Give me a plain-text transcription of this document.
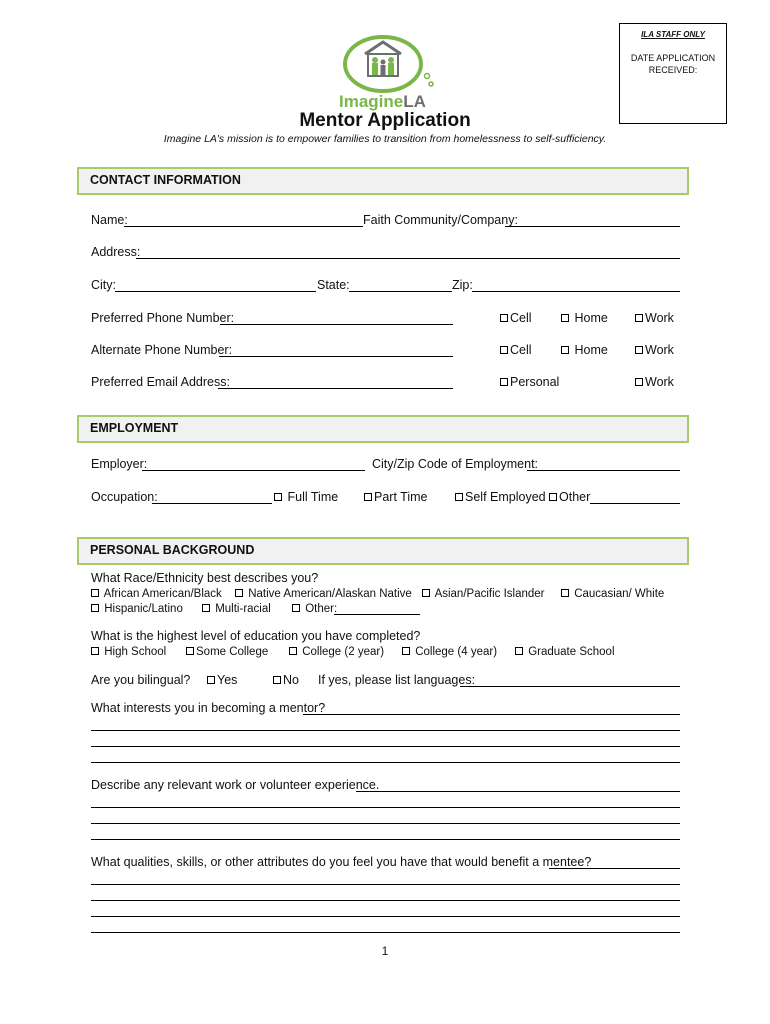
ILA STAFF ONLY
DATE APPLICATION
RECEIVED:
ImagineLA
Mentor Application
Imagine LA's mission is to empower families to transition from homelessness to self-sufficiency.
CONTACT INFORMATION
Name:	Faith Community/Company:
Address:
City:	State:	Zip:
Preferred Phone Number:	Cell	Home	Work
Alternate Phone Number:	Cell	Home	Work
Preferred Email Address:	Personal	Work
EMPLOYMENT
Employer:	City/Zip Code of Employment:
Occupation:	Full Time	Part Time	Self Employed	Other
PERSONAL BACKGROUND
What Race/Ethnicity best describes you?
African American/Black	Native American/Alaskan Native	Asian/Pacific Islander	Caucasian/ White
Hispanic/Latino	Multi-racial	Other:
What is the highest level of education you have completed?
High School	Some College	College (2 year)	College (4 year)	Graduate School
Are you bilingual?	Yes	No If yes, please list languages:
What interests you in becoming a mentor?
Describe any relevant work or volunteer experience.
What qualities, skills, or other attributes do you feel you have that would benefit a mentee?
1
